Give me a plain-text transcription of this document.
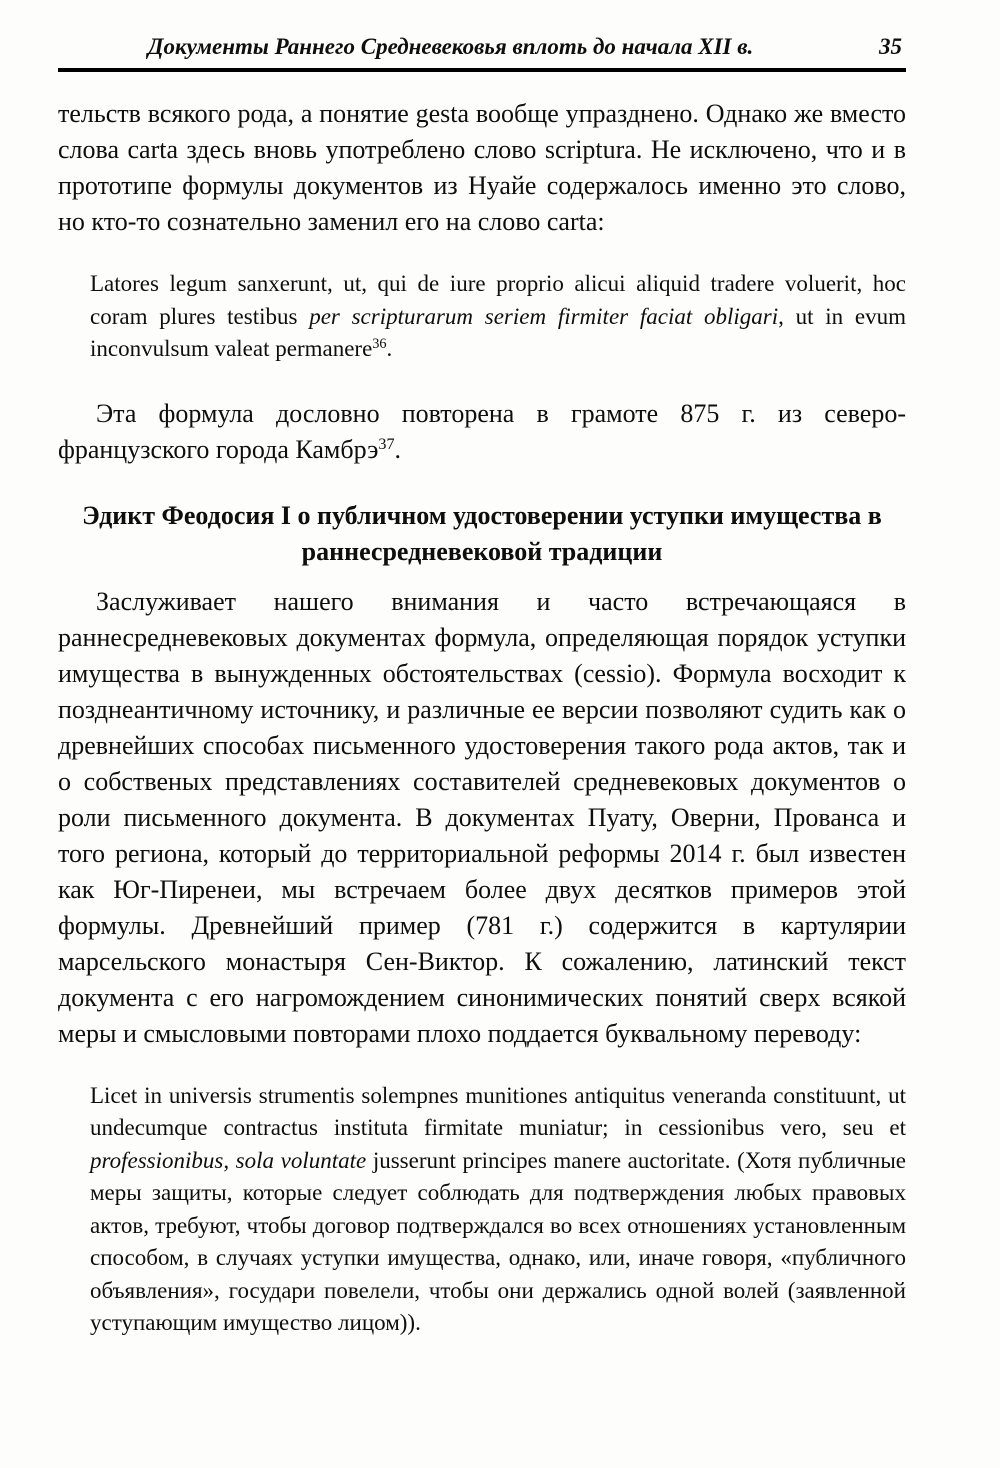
Документы Раннего Средневековья вплоть до начала XII в.	35

тельств всякого рода, а понятие gesta вообще упразднено. Однако же вместо слова carta здесь вновь употреблено слово scriptura. Не исключено, что и в прототипе формулы документов из Нуайе содержалось именно это слово, но кто-то сознательно заменил его на слово carta:

Latores legum sanxerunt, ut, qui de iure proprio alicui aliquid tradere voluerit, hoc coram plures testibus per scripturarum seriem firmiter faciat obligari, ut in evum inconvulsum valeat permanere$^{36}$.

Эта формула дословно повторена в грамоте 875 г. из северо-французского города Камбрэ$^{37}$.

Эдикт Феодосия I о публичном удостоверении уступки имущества в раннесредневековой традиции

Заслуживает нашего внимания и часто встречающаяся в раннесредневековых документах формула, определяющая порядок уступки имущества в вынужденных обстоятельствах (cessio). Формула восходит к позднеантичному источнику, и различные ее версии позволяют судить как о древнейших способах письменного удостоверения такого рода актов, так и о собственых представлениях составителей средневековых документов о роли письменного документа. В документах Пуату, Оверни, Прованса и того региона, который до территориальной реформы 2014 г. был известен как Юг-Пиренеи, мы встречаем более двух десятков примеров этой формулы. Древнейший пример (781 г.) содержится в картулярии марсельского монастыря Сен-Виктор. К сожалению, латинский текст документа с его нагромождением синонимических понятий сверх всякой меры и смысловыми повторами плохо поддается буквальному переводу:

Licet in universis strumentis solempnes munitiones antiquitus veneranda constituunt, ut undecumque contractus instituta firmitate muniatur; in cessionibus vero, seu et professionibus, sola voluntate jusserunt principes manere auctoritate. (Хотя публичные меры защиты, которые следует соблюдать для подтверждения любых правовых актов, требуют, чтобы договор подтверждался во всех отношениях установленным способом, в случаях уступки имущества, однако, или, иначе говоря, «публичного объявления», государи повелели, чтобы они держались одной волей (заявленной уступающим имущество лицом)).
